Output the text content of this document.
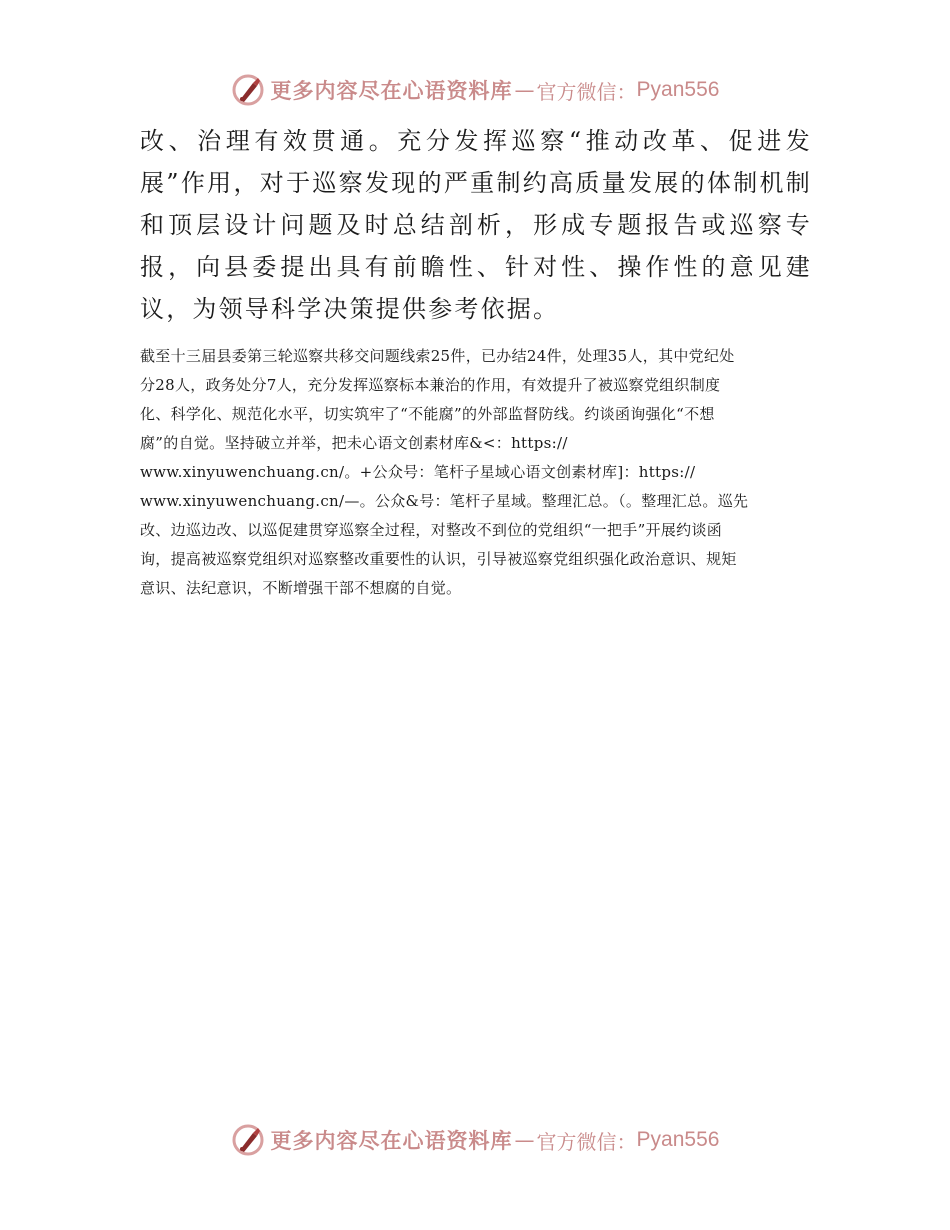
更多内容尽在心语资料库 — 官方微信： Pyan556

改、治理有效贯通。充分发挥巡察“推动改革、促进发展”作用，对于巡察发现的严重制约高质量发展的体制机制和顶层设计问题及时总结剖析，形成专题报告或巡察专报，向县委提出具有前瞻性、针对性、操作性的意见建议，为领导科学决策提供参考依据。

截至十三届县委第三轮巡察共移交问题线索25件，已办结24件，处理35人，其中党纪处
分28人，政务处分7人，充分发挥巡察标本兼治的作用，有效提升了被巡察党组织制度
化、科学化、规范化水平，切实筑牢了“不能腐”的外部监督防线。约谈函询强化“不想
腐”的自觉。坚持破立并举，把未心语文创素材库&<：https://
www.xinyuwenchuang.cn/。+公众号：笔杆子星域心语文创素材库]：https://
www.xinyuwenchuang.cn/—。公众&号：笔杆子星域。整理汇总。（。整理汇总。巡先
改、边巡边改、以巡促建贯穿巡察全过程，对整改不到位的党组织“一把手”开展约谈函
询，提高被巡察党组织对巡察整改重要性的认识，引导被巡察党组织强化政治意识、规矩
意识、法纪意识，不断增强干部不想腐的自觉。
更多内容尽在心语资料库 — 官方微信： Pyan556
